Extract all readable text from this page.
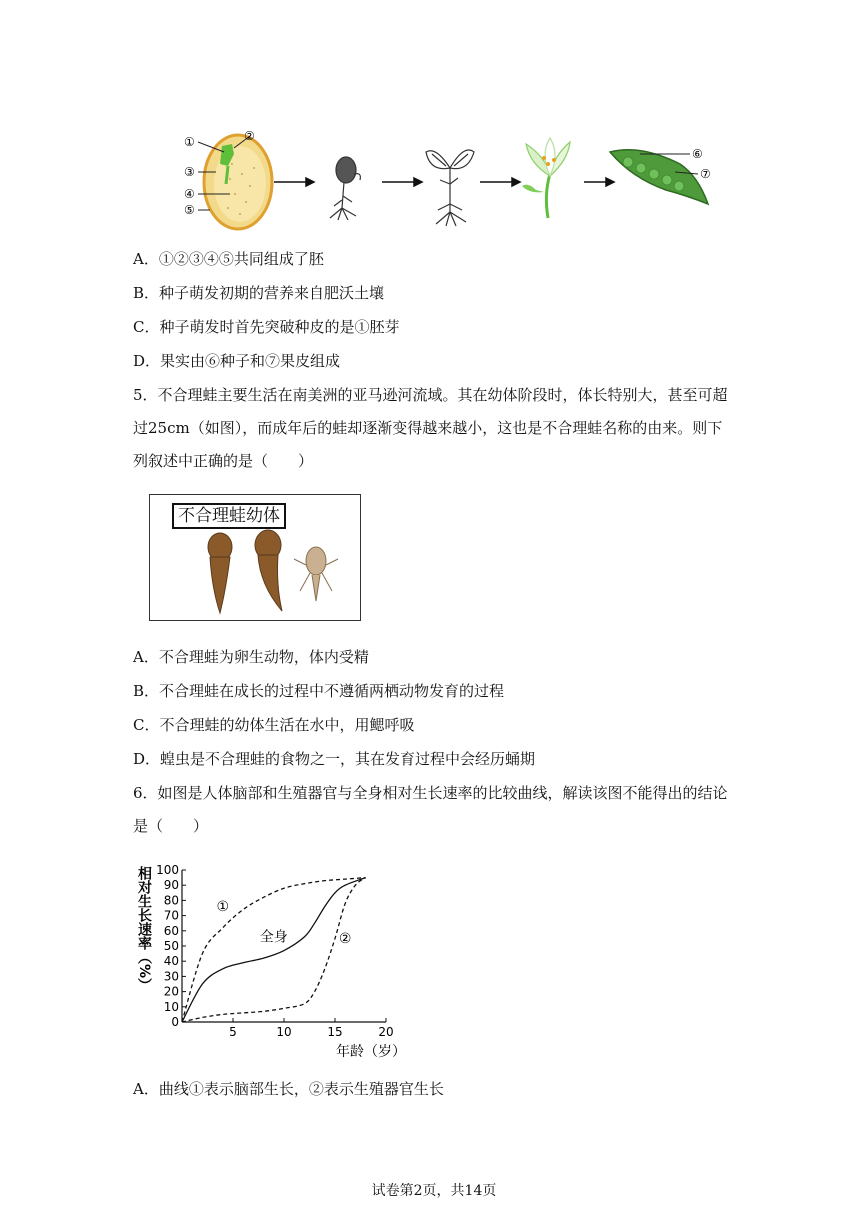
①	②
③
④
⑤
⑥
⑦
A．①②③④⑤共同组成了胚
B．种子萌发初期的营养来自肥沃土壤
C．种子萌发时首先突破种皮的是①胚芽
D．果实由⑥种子和⑦果皮组成
5．不合理蛙主要生活在南美洲的亚马逊河流域。其在幼体阶段时，体长特别大，甚至可超过25cm（如图），而成年后的蛙却逐渐变得越来越小，这也是不合理蛙名称的由来。则下列叙述中正确的是（　　）
不合理蛙幼体
A．不合理蛙为卵生动物，体内受精
B．不合理蛙在成长的过程中不遵循两栖动物发育的过程
C．不合理蛙的幼体生活在水中，用鳃呼吸
D．蝗虫是不合理蛙的食物之一，其在发育过程中会经历蛹期
6．如图是人体脑部和生殖器官与全身相对生长速率的比较曲线，解读该图不能得出的结论是（　　）
相对生长速率（%）
年龄（岁）
0
10
20
30
40
50
60
70
80
90
100
5	10	15	20
①
全身	②
A．曲线①表示脑部生长，②表示生殖器官生长
试卷第2页，共14页
